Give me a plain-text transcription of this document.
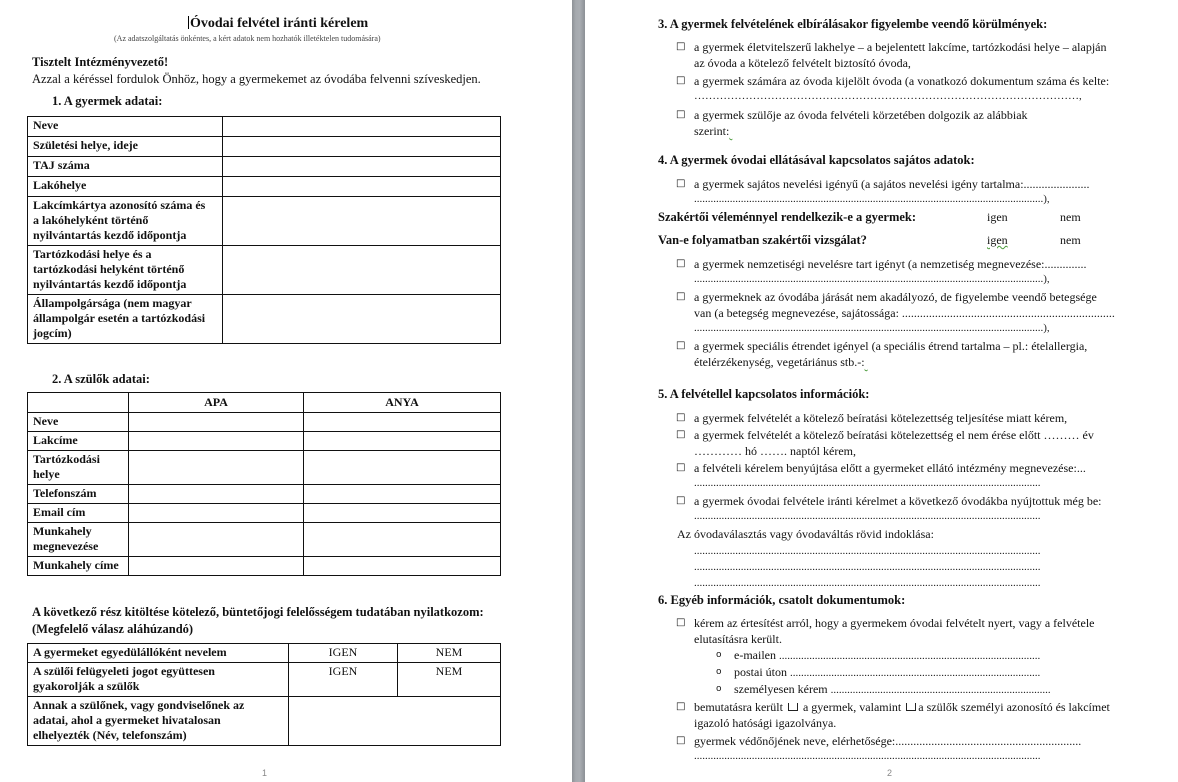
Óvodai felvétel iránti kérelem
(Az adatszolgáltatás önkéntes, a kért adatok nem hozhatók illetéktelen tudomására)
Tisztelt Intézményvezető!
Azzal a kéréssel fordulok Önhöz, hogy a gyermekemet az óvodába felvenni szíveskedjen.
1. A gyermek adatai:
Neve	

Születési helye, ideje	

TAJ száma	

Lakóhelye	

Lakcímkártya azonosító száma és
a lakóhelyként történő
nyilvántartás kezdő időpontja	

Tartózkodási helye és a
tartózkodási helyként történő
nyilvántartás kezdő időpontja	

Állampolgársága (nem magyar
állampolgár esetén a tartózkodási
jogcím)	

2. A szülők adatai:
	APA	ANYA

Neve		

Lakcíme		

Tartózkodási
helye		

Telefonszám		

Email cím		

Munkahely
megnevezése		

Munkahely címe		

A következő rész kitöltése kötelező, büntetőjogi felelősségem tudatában nyilatkozom:
(Megfelelő válasz aláhúzandó)
A gyermeket egyedülállóként nevelem	IGEN	NEM

A szülői felügyeleti jogot együttesen
gyakorolják a szülők	IGEN	NEM

Annak a szülőnek, vagy gondviselőnek az
adatai, ahol a gyermeket hivatalosan
elhelyezték (Név, telefonszám)		

1
3. A gyermek felvételének elbírálásakor figyelembe veendő körülmények:
□ a gyermek életvitelszerű lakhelye – a bejelentett lakcíme, tartózkodási helye – alapján
az óvoda a kötelező felvételt biztosító óvoda,
□ a gyermek számára az óvoda kijelölt óvoda (a vonatkozó dokumentum száma és kelte:
……………………………………………………………………………………………,
□ a gyermek szülője az óvoda felvételi körzetében dolgozik az alábbiak
szerint:
4. A gyermek óvodai ellátásával kapcsolatos sajátos adatok:
□ a gyermek sajátos nevelési igényű (a sajátos nevelési igény tartalma:......................
...............................................................................................................................),
Szakértői véleménnyel rendelkezik-e a gyermek:	igen	nem
Van-e folyamatban szakértői vizsgálat?	igen	nem
□ a gyermek nemzetiségi nevelésre tart igényt (a nemzetiség megnevezése:..............
...............................................................................................................................),
□ a gyermeknek az óvodába járását nem akadályozó, de figyelembe veendő betegsége
van (a betegség megnevezése, sajátossága: .......................................................................
...............................................................................................................................),
□ a gyermek speciális étrendet igényel (a speciális étrend tartalma – pl.: ételallergia,
ételérzékenység, vegetáriánus stb.-:
5. A felvétellel kapcsolatos információk:
□ a gyermek felvételét a kötelező beíratási kötelezettség teljesítése miatt kérem,
□ a gyermek felvételét a kötelező beíratási kötelezettség el nem érése előtt ……… év
………… hó ……. naptól kérem,
□ a felvételi kérelem benyújtása előtt a gyermeket ellátó intézmény megnevezése:...
..............................................................................................................................
□ a gyermek óvodai felvétele iránti kérelmet a következő óvodákba nyújtottuk még be:
..............................................................................................................................
Az óvodaválasztás vagy óvodaváltás rövid indoklása:
..............................................................................................................................
..............................................................................................................................
..............................................................................................................................
6. Egyéb információk, csatolt dokumentumok:
□ kérem az értesítést arról, hogy a gyermekem óvodai felvételt nyert, vagy a felvétele
elutasításra került.
o e-mailen ...............................................................................................
o postai úton ...........................................................................................
o személyesen kérem ................................................................................
□ bemutatásra került a gyermek, valamint a szülők személyi azonosító és lakcímet
igazoló hatósági igazolványa.
□ gyermek védőnőjének neve, elérhetősége:..............................................................
..............................................................................................................................
2
